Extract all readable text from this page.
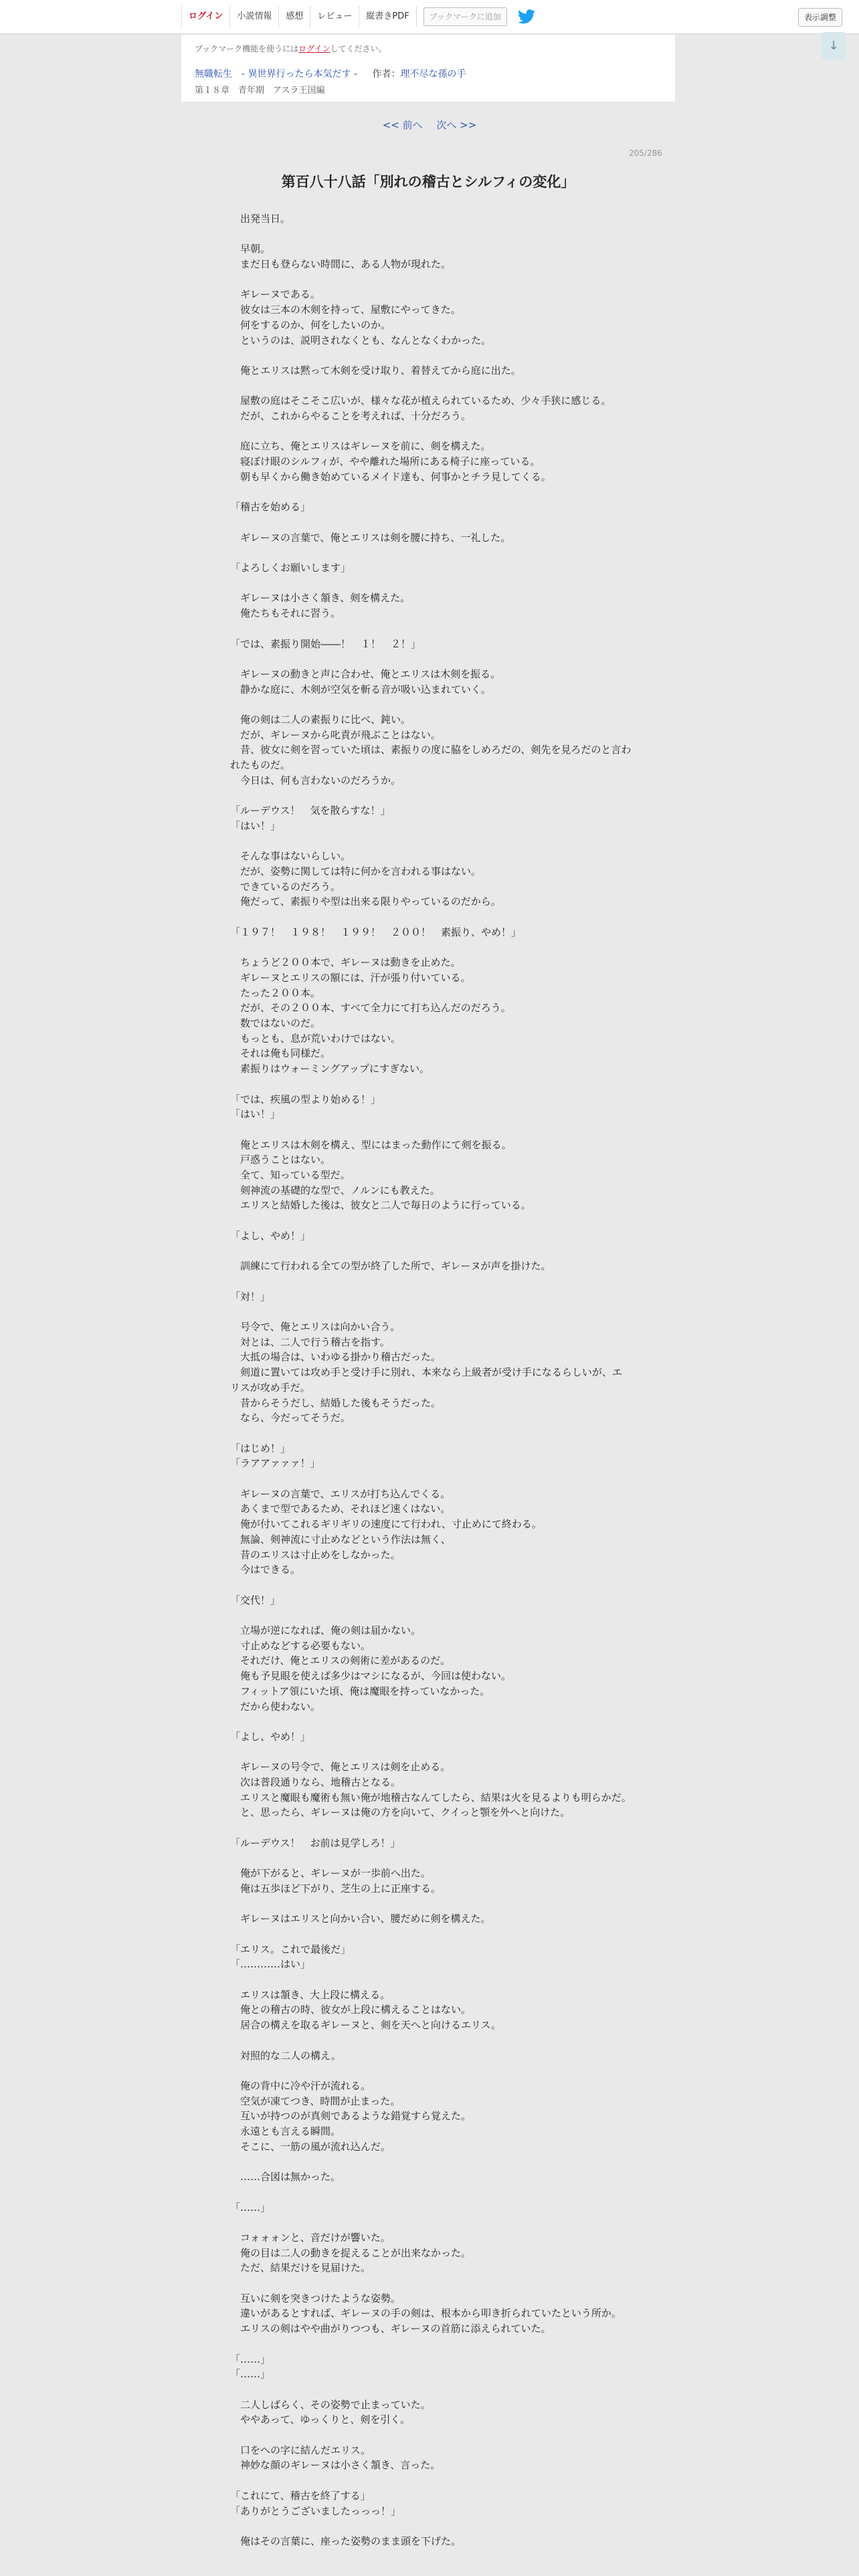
ログイン	小説情報	感想	レビュー	縦書きPDF	ブックマークに追加	表示調整
↓
ブックマーク機能を使うにはログインしてください。
無職転生　- 異世界行ったら本気だす - 作者：理不尽な孫の手
第１８章　青年期　アスラ王国編
<< 前へ 次へ >>
205/286
第百八十八話「別れの稽古とシルフィの変化」

　出発当日。

　早朝。

　まだ日も登らない時間に、ある人物が現れた。

　ギレーヌである。

　彼女は三本の木剣を持って、屋敷にやってきた。

　何をするのか、何をしたいのか。

　というのは、説明されなくとも、なんとなくわかった。

　俺とエリスは黙って木剣を受け取り、着替えてから庭に出た。

　屋敷の庭はそこそこ広いが、様々な花が植えられているため、少々手狭に感じる。

　だが、これからやることを考えれば、十分だろう。

　庭に立ち、俺とエリスはギレーヌを前に、剣を構えた。

　寝ぼけ眼のシルフィが、やや離れた場所にある椅子に座っている。

　朝も早くから働き始めているメイド達も、何事かとチラ見してくる。

「稽古を始める」

　ギレーヌの言葉で、俺とエリスは剣を腰に持ち、一礼した。

「よろしくお願いします」

　ギレーヌは小さく頷き、剣を構えた。

　俺たちもそれに習う。

「では、素振り開始――！　１！　２！」

　ギレーヌの動きと声に合わせ、俺とエリスは木剣を振る。

　静かな庭に、木剣が空気を斬る音が吸い込まれていく。

　俺の剣は二人の素振りに比べ、鈍い。

　だが、ギレーヌから叱責が飛ぶことはない。

　昔、彼女に剣を習っていた頃は、素振りの度に脇をしめろだの、剣先を見ろだのと言われたものだ。

　今日は、何も言わないのだろうか。

「ルーデウス！　気を散らすな！」

「はい！」

　そんな事はないらしい。

　だが、姿勢に関しては特に何かを言われる事はない。

　できているのだろう。

　俺だって、素振りや型は出来る限りやっているのだから。

「１９７！　１９８！　１９９！　２００！　素振り、やめ！」

　ちょうど２００本で、ギレーヌは動きを止めた。

　ギレーヌとエリスの額には、汗が張り付いている。

　たった２００本。

　だが、その２００本、すべて全力にて打ち込んだのだろう。

　数ではないのだ。

　もっとも、息が荒いわけではない。

　それは俺も同様だ。

　素振りはウォーミングアップにすぎない。

「では、疾風の型より始める！」

「はい！」

　俺とエリスは木剣を構え、型にはまった動作にて剣を振る。

　戸惑うことはない。

　全て、知っている型だ。

　剣神流の基礎的な型で、ノルンにも教えた。

　エリスと結婚した後は、彼女と二人で毎日のように行っている。

「よし、やめ！」

　訓練にて行われる全ての型が終了した所で、ギレーヌが声を掛けた。

「対！」

　号令で、俺とエリスは向かい合う。

　対とは、二人で行う稽古を指す。

　大抵の場合は、いわゆる掛かり稽古だった。

　剣道に置いては攻め手と受け手に別れ、本来なら上級者が受け手になるらしいが、エリスが攻め手だ。

　昔からそうだし、結婚した後もそうだった。

　なら、今だってそうだ。

「はじめ！」

「ラアアァァァ！」

　ギレーヌの言葉で、エリスが打ち込んでくる。

　あくまで型であるため、それほど速くはない。

　俺が付いてこれるギリギリの速度にて行われ、寸止めにて終わる。

　無論、剣神流に寸止めなどという作法は無く、

　昔のエリスは寸止めをしなかった。

　今はできる。

「交代！」

　立場が逆になれば、俺の剣は届かない。

　寸止めなどする必要もない。

　それだけ、俺とエリスの剣術に差があるのだ。

　俺も予見眼を使えば多少はマシになるが、今回は使わない。

　フィットア領にいた頃、俺は魔眼を持っていなかった。

　だから使わない。

「よし、やめ！」

　ギレーヌの号令で、俺とエリスは剣を止める。

　次は普段通りなら、地稽古となる。

　エリスと魔眼も魔術も無い俺が地稽古なんてしたら、結果は火を見るよりも明らかだ。

　と、思ったら、ギレーヌは俺の方を向いて、クイっと顎を外へと向けた。

「ルーデウス！　お前は見学しろ！」

　俺が下がると、ギレーヌが一歩前へ出た。

　俺は五歩ほど下がり、芝生の上に正座する。

　ギレーヌはエリスと向かい合い、腰だめに剣を構えた。

「エリス。これで最後だ」

「…………はい」

　エリスは頷き、大上段に構える。

　俺との稽古の時、彼女が上段に構えることはない。

　居合の構えを取るギレーヌと、剣を天へと向けるエリス。

　対照的な二人の構え。

　俺の背中に冷や汗が流れる。

　空気が凍てつき、時間が止まった。

　互いが持つのが真剣であるような錯覚すら覚えた。

　永遠とも言える瞬間。

　そこに、一筋の風が流れ込んだ。

　……合図は無かった。

「……」

　コォォォンと、音だけが響いた。

　俺の目は二人の動きを捉えることが出来なかった。

　ただ、結果だけを見届けた。

　互いに剣を突きつけたような姿勢。

　違いがあるとすれば、ギレーヌの手の剣は、根本から叩き折られていたという所か。

　エリスの剣はやや曲がりつつも、ギレーヌの首筋に添えられていた。

「……」

「……」

　二人しばらく、その姿勢で止まっていた。

　ややあって、ゆっくりと、剣を引く。

　口をへの字に結んだエリス。

　神妙な顔のギレーヌは小さく頷き、言った。

「これにて、稽古を終了する」

「ありがとうございましたっっっ！」

　俺はその言葉に、座った姿勢のまま頭を下げた。
